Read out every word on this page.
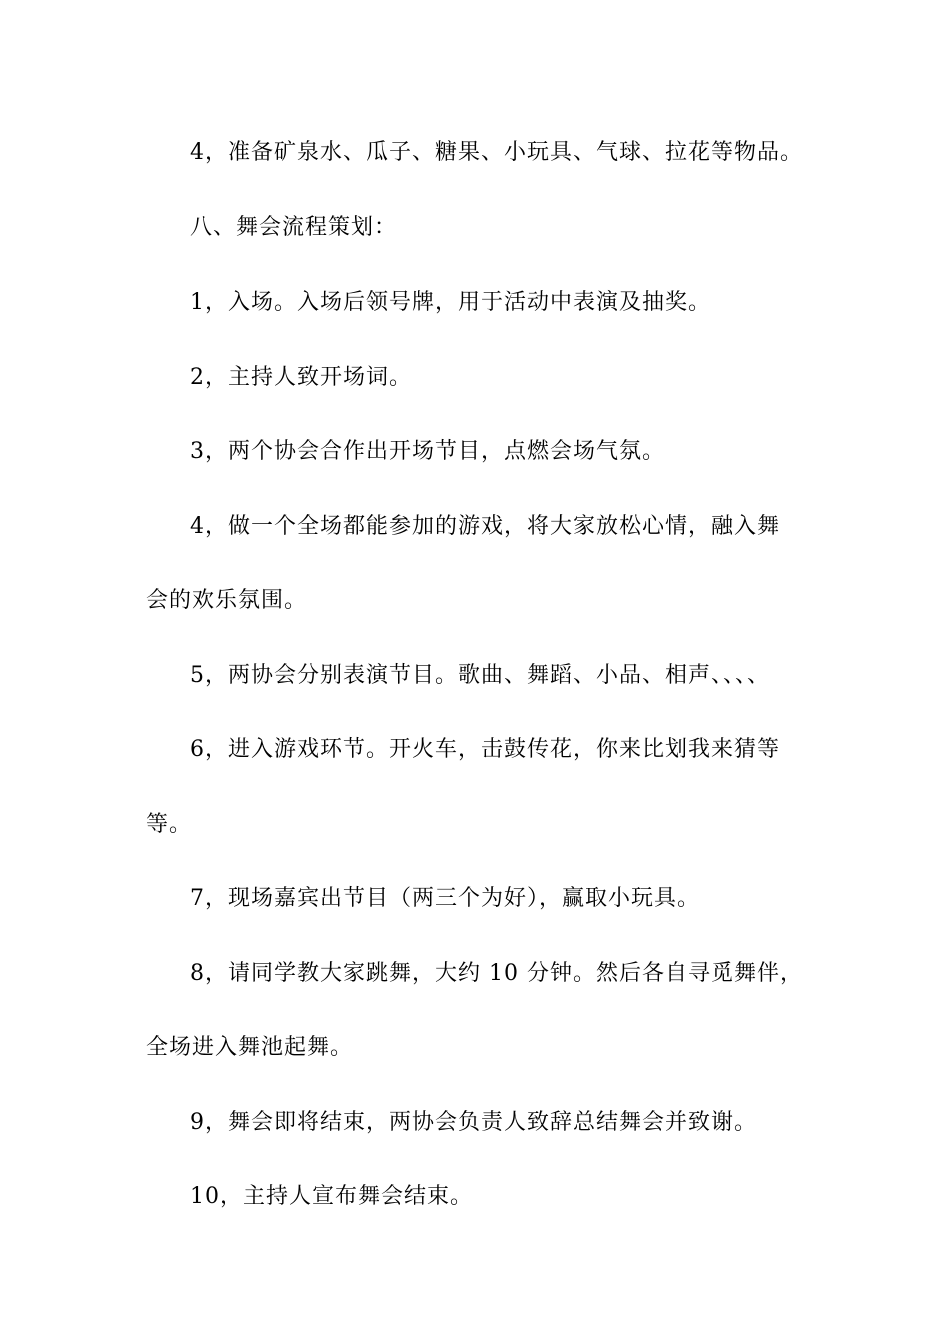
4，准备矿泉水、瓜子、糖果、小玩具、气球、拉花等物品。
八、舞会流程策划：
1，入场。入场后领号牌，用于活动中表演及抽奖。
2，主持人致开场词。
3，两个协会合作出开场节目，点燃会场气氛。
4，做一个全场都能参加的游戏，将大家放松心情，融入舞
会的欢乐氛围。
5，两协会分别表演节目。歌曲、舞蹈、小品、相声、、、、
6，进入游戏环节。开火车，击鼓传花，你来比划我来猜等
等。
7，现场嘉宾出节目（两三个为好），赢取小玩具。
8，请同学教大家跳舞，大约 10 分钟。然后各自寻觅舞伴，
全场进入舞池起舞。
9，舞会即将结束，两协会负责人致辞总结舞会并致谢。
10，主持人宣布舞会结束。
